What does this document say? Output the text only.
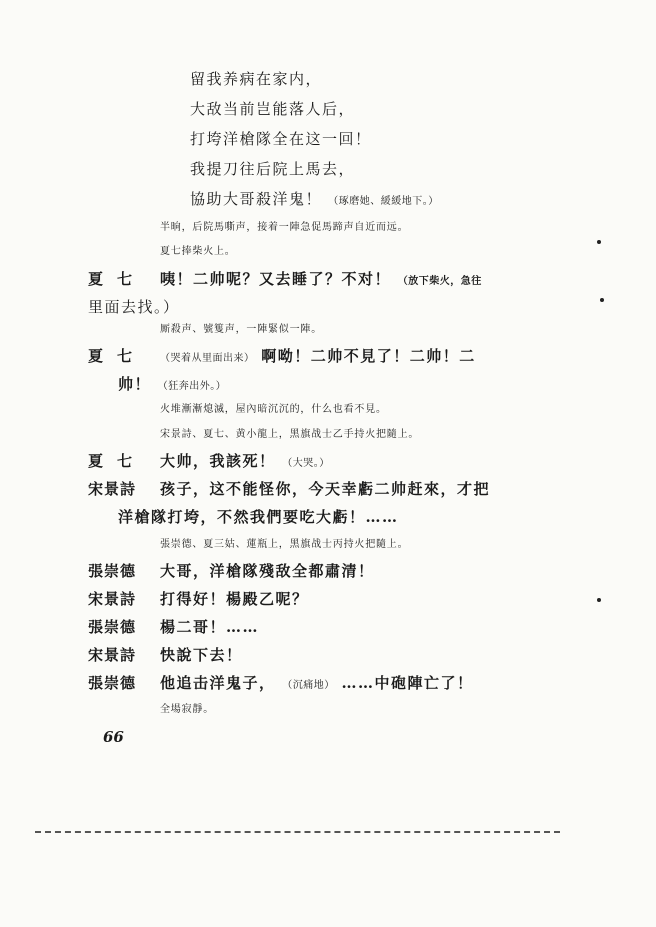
留我养病在家内，
大敌当前岂能落人后，
打垮洋槍隊全在这一回！
我提刀往后院上馬去，
協助大哥殺洋鬼！ （琢磨她、緩緩地下。）
半晌，后院馬嘶声，接着一陣急促馬蹄声自近而远。
夏七捧柴火上。
夏七 咦！二帅呢？又去睡了？不对！ （放下柴火，急往
里面去找。）
厮殺声、號篗声，一陣緊似一陣。
夏七 （哭着从里面出来） 啊呦！二帅不見了！二帅！二
帅！ （狂奔出外。）
火堆漸漸熄滅，屋內暗沉沉的，什么也看不見。
宋景詩、夏七、黄小龍上，黑旗战士乙手持火把隨上。
夏七 大帅，我該死！ （大哭。）
宋景詩 孩子，这不能怪你，今天幸虧二帅赶來，才把
洋槍隊打垮，不然我們要吃大虧！……
張崇德、夏三姑、蓮瓶上，黑旗战士丙持火把隨上。
張崇德 大哥，洋槍隊殘敌全都肅清！
宋景詩 打得好！楊殿乙呢？
張崇德 楊二哥！……
宋景詩 快說下去！
張崇德 他追击洋鬼子， （沉痛地） ……中砲陣亡了！
全場寂靜。
66
